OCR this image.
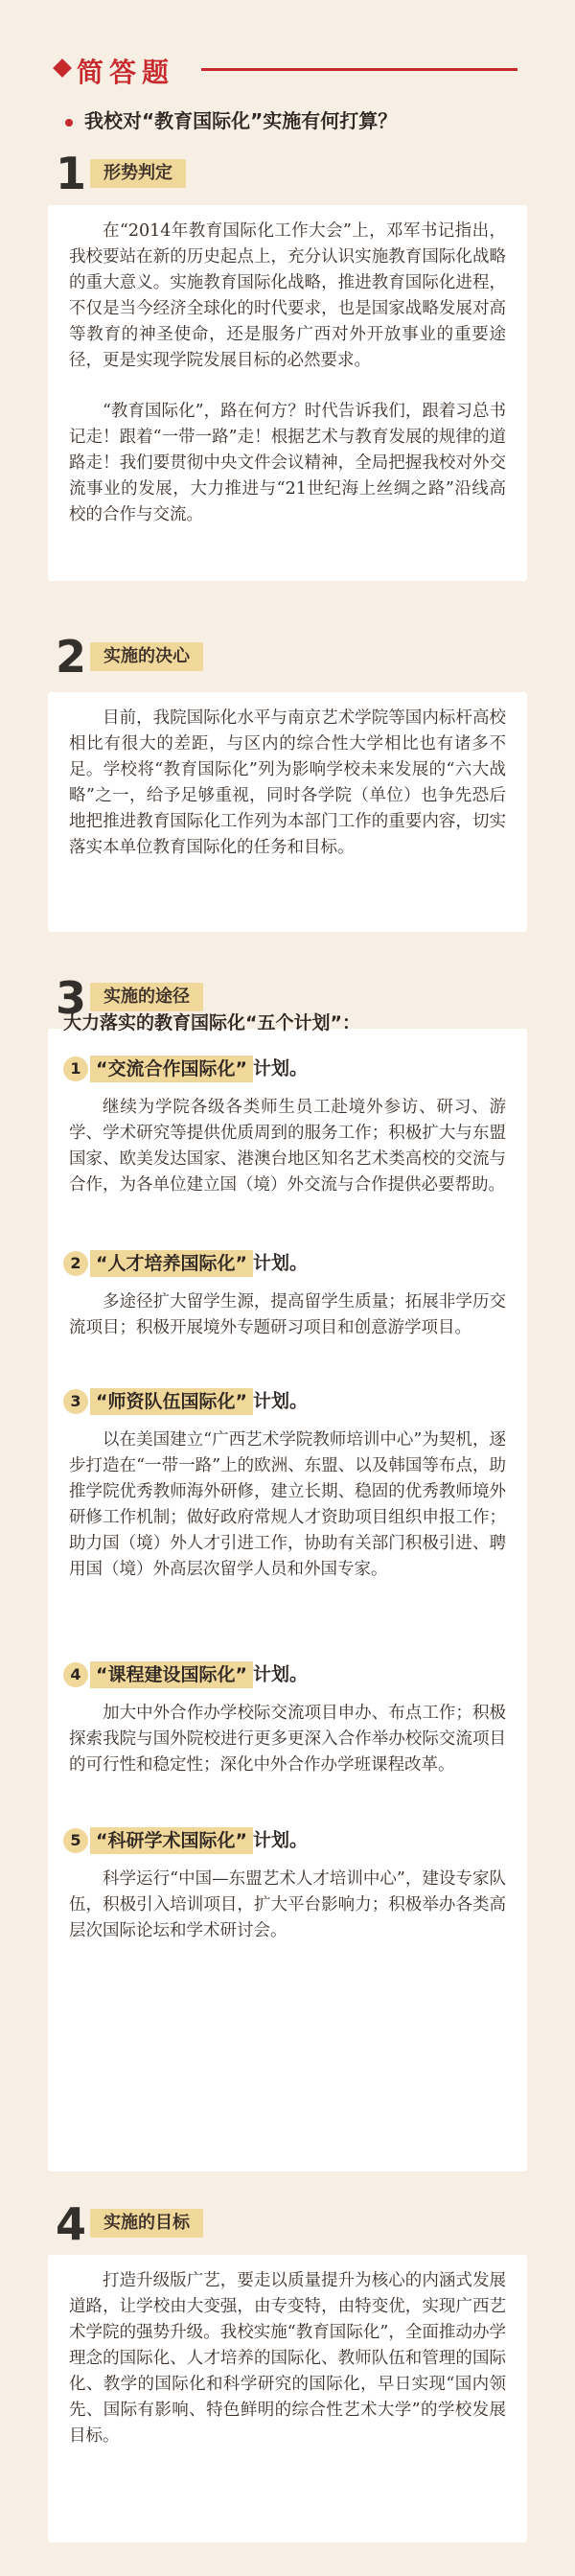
简答题
我校对“教育国际化”实施有何打算？
1 形势判定

在“2014年教育国际化工作大会”上，邓军书记指出，我校要站在新的历史起点上，充分认识实施教育国际化战略的重大意义。实施教育国际化战略，推进教育国际化进程，不仅是当今经济全球化的时代要求，也是国家战略发展对高等教育的神圣使命，还是服务广西对外开放事业的重要途径，更是实现学院发展目标的必然要求。

“教育国际化”，路在何方？时代告诉我们，跟着习总书记走！跟着“一带一路”走！根据艺术与教育发展的规律的道路走！我们要贯彻中央文件会议精神，全局把握我校对外交流事业的发展，大力推进与“21世纪海上丝绸之路”沿线高校的合作与交流。

2 实施的决心

目前，我院国际化水平与南京艺术学院等国内标杆高校相比有很大的差距，与区内的综合性大学相比也有诸多不足。学校将“教育国际化”列为影响学校未来发展的“六大战略”之一，给予足够重视，同时各学院（单位）也争先恐后地把推进教育国际化工作列为本部门工作的重要内容，切实落实本单位教育国际化的任务和目标。

3 实施的途径
大力落实的教育国际化“五个计划”：
1 “交流合作国际化” 计划。

继续为学院各级各类师生员工赴境外参访、研习、游学、学术研究等提供优质周到的服务工作；积极扩大与东盟国家、欧美发达国家、港澳台地区知名艺术类高校的交流与合作，为各单位建立国（境）外交流与合作提供必要帮助。

2 “人才培养国际化” 计划。

多途径扩大留学生源，提高留学生质量；拓展非学历交流项目；积极开展境外专题研习项目和创意游学项目。

3 “师资队伍国际化” 计划。

以在美国建立“广西艺术学院教师培训中心”为契机，逐步打造在“一带一路”上的欧洲、东盟、以及韩国等布点，助推学院优秀教师海外研修，建立长期、稳固的优秀教师境外研修工作机制；做好政府常规人才资助项目组织申报工作；助力国（境）外人才引进工作，协助有关部门积极引进、聘用国（境）外高层次留学人员和外国专家。

4 “课程建设国际化” 计划。

加大中外合作办学校际交流项目申办、布点工作；积极探索我院与国外院校进行更多更深入合作举办校际交流项目的可行性和稳定性；深化中外合作办学班课程改革。

5 “科研学术国际化” 计划。

科学运行“中国—东盟艺术人才培训中心”，建设专家队伍，积极引入培训项目，扩大平台影响力；积极举办各类高层次国际论坛和学术研讨会。

4 实施的目标

打造升级版广艺，要走以质量提升为核心的内涵式发展道路，让学校由大变强，由专变特，由特变优，实现广西艺术学院的强势升级。我校实施“教育国际化”，全面推动办学理念的国际化、人才培养的国际化、教师队伍和管理的国际化、教学的国际化和科学研究的国际化，早日实现“国内领先、国际有影响、特色鲜明的综合性艺术大学”的学校发展目标。
